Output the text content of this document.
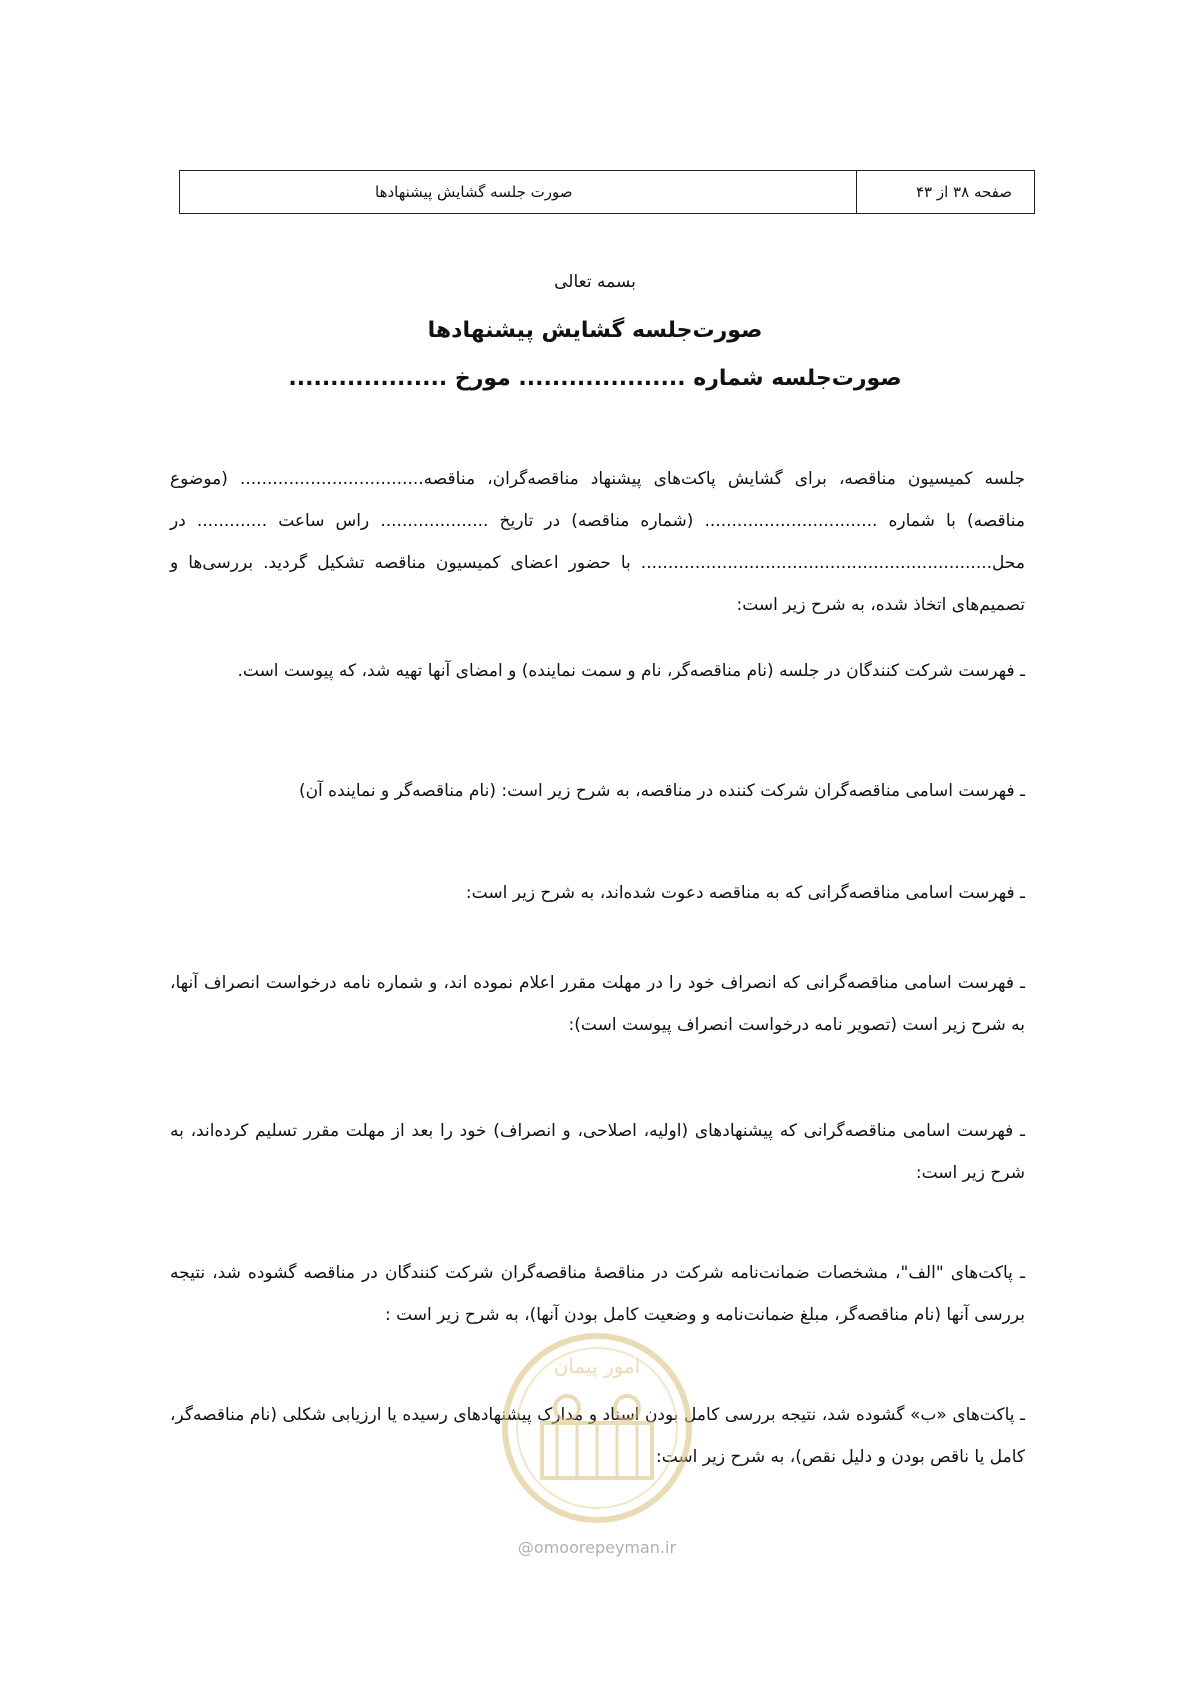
صفحه ۳۸ از ۴۳
صورت جلسه گشایش پیشنهادها
بسمه تعالی
صورت‌جلسه گشایش پیشنهادها
صورت‌جلسه شماره .................... مورخ ...................

جلسه کمیسیون مناقصه، برای گشایش پاکت‌های پیشنهاد مناقصه‌گران، مناقصه.................................. (موضوع مناقصه) با شماره ................................ (شماره مناقصه) در تاریخ .................... راس ساعت ............. در محل................................................................. با حضور اعضای کمیسیون مناقصه تشکیل گردید. بررسی‌ها و تصمیم‌های اتخاذ شده، به شرح زیر است:

ـ فهرست شرکت کنندگان در جلسه (نام مناقصه‌گر، نام و سمت نماینده) و امضای آنها تهیه شد، که پیوست است.

ـ فهرست اسامی مناقصه‌گران شرکت کننده در مناقصه، به شرح زیر است: (نام مناقصه‌گر و نماینده آن)

ـ فهرست اسامی مناقصه‌گرانی که به مناقصه دعوت شده‌اند، به شرح زیر است:

ـ فهرست اسامی مناقصه‌گرانی که انصراف خود را در مهلت مقرر اعلام نموده اند، و شماره نامه درخواست انصراف آنها، به شرح زیر است (تصویر نامه درخواست انصراف پیوست است):

ـ فهرست اسامی مناقصه‌گرانی که پیشنهادهای (اولیه، اصلاحی، و انصراف) خود را بعد از مهلت مقرر تسلیم کرده‌اند، به شرح زیر است:

ـ پاکت‌های "الف"، مشخصات ضمانت‌نامه شرکت در مناقصهٔ مناقصه‌گران شرکت کنندگان در مناقصه گشوده شد، نتیجه بررسی آنها (نام مناقصه‌گر، مبلغ ضمانت‌نامه و وضعیت کامل بودن آنها)، به شرح زیر است :

ـ پاکت‌های «ب» گشوده شد، نتیجه بررسی کامل بودن اسناد و مدارک پیشنهادهای رسیده یا ارزیابی شکلی (نام مناقصه‌گر، کامل یا ناقص بودن و دلیل نقص)، به شرح زیر است:

امور پیمان
@omoorepeyman.ir
